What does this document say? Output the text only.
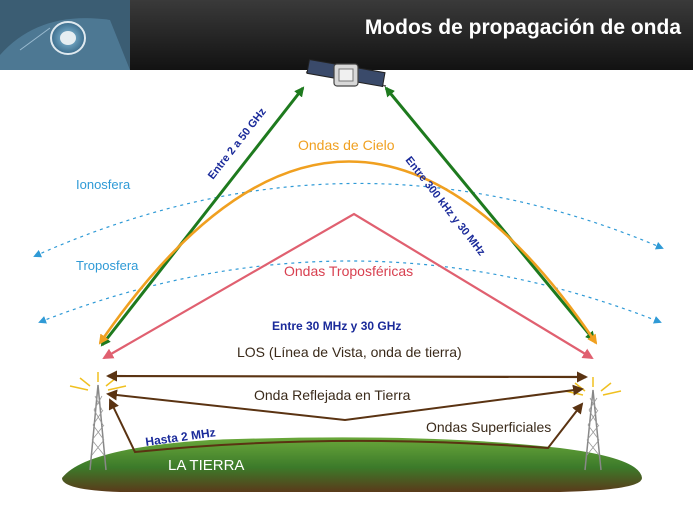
Modos de propagación de onda
LA TIERRA
Ionosfera
Troposfera
Ondas de Cielo
Ondas Troposféricas
Entre 2 a 50 GHz
Entre 300 kHz y 30 MHz
Entre 30 MHz y 30 GHz
LOS (Línea de Vista, onda de tierra)
Onda Reflejada en Tierra
Ondas Superficiales
Hasta 2 MHz
